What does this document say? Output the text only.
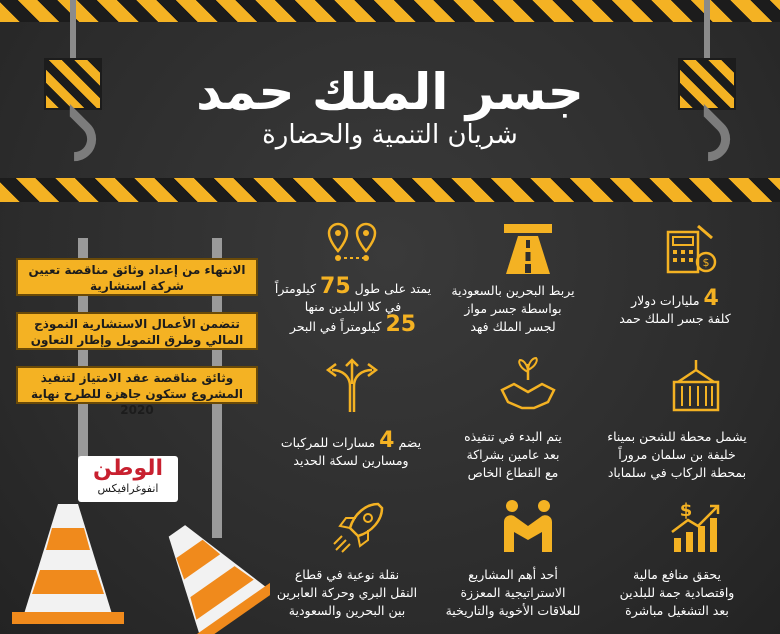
جسر الملك حمد
شريان التنمية والحضارة
الانتهاء من إعداد وثائق مناقصة تعيين شركة استشارية
تتضمن الأعمال الاستشارية النموذج المالي وطرق التمويل وإطار التعاون
وثائق مناقصة عقد الامتياز لتنفيذ المشروع ستكون جاهزة للطرح نهاية 2020
الوطن
انفوغرافيكس
$
$
4 مليارات دولار
كلفة جسر الملك حمد
يربط البحرين بالسعودية
بواسطة جسر مواز
لجسر الملك فهد
يمتد على طول 75 كيلومتراً
في كلا البلدين منها
25 كيلومتراً في البحر
يشمل محطة للشحن بميناء
خليفة بن سلمان مروراً
بمحطة الركاب في سلماباد
يتم البدء في تنفيذه
بعد عامين بشراكة
مع القطاع الخاص
يضم 4 مسارات للمركبات
ومسارين لسكة الحديد
يحقق منافع مالية
واقتصادية جمة للبلدين
بعد التشغيل مباشرة
أحد أهم المشاريع
الاستراتيجية المعززة
للعلاقات الأخوية والتاريخية
نقلة نوعية في قطاع
النقل البري وحركة العابرين
بين البحرين والسعودية
